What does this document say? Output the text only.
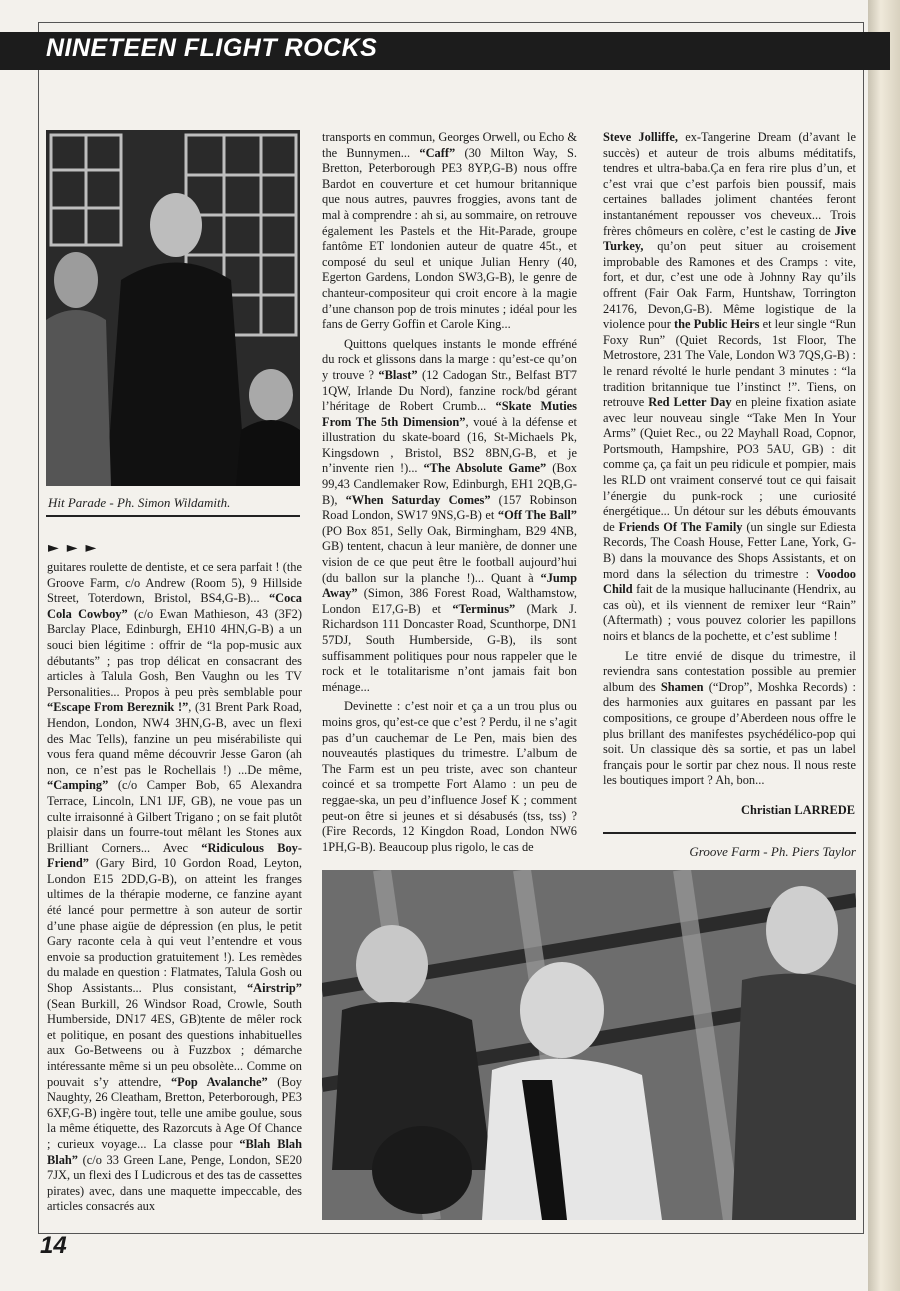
NINETEEN FLIGHT ROCKS
Hit Parade - Ph. Simon Wildamith.
►►►

guitares roulette de dentiste, et ce sera parfait ! (the Groove Farm, c/o Andrew (Room 5), 9 Hillside Street, Toterdown, Bristol, BS4,G-B)... “Coca Cola Cowboy” (c/o Ewan Mathieson, 43 (3F2) Barclay Place, Edinburgh, EH10 4HN,G-B) a un souci bien légitime : offrir de “la pop-music aux débutants” ; pas trop délicat en consacrant des articles à Talula Gosh, Ben Vaughn ou les TV Personalities... Propos à peu près semblable pour “Escape From Bereznik !”, (31 Brent Park Road, Hendon, London, NW4 3HN,G-B, avec un flexi des Mac Tells), fanzine un peu misérabiliste qui vous fera quand même découvrir Jesse Garon (ah non, ce n’est pas le Rochellais !) ...De même, “Camping” (c/o Camper Bob, 65 Alexandra Terrace, Lincoln, LN1 IJF, GB), ne voue pas un culte irraisonné à Gilbert Trigano ; on se fait plutôt plaisir dans un fourre-tout mêlant les Stones aux Brilliant Corners... Avec “Ridiculous Boy-Friend” (Gary Bird, 10 Gordon Road, Leyton, London E15 2DD,G-B), on atteint les franges ultimes de la thérapie moderne, ce fanzine ayant été lancé pour permettre à son auteur de sortir d’une phase aigüe de dépression (en plus, le petit Gary raconte cela à qui veut l’entendre et vous envoie sa production gratuitement !). Les remèdes du malade en question : Flatmates, Talula Gosh ou Shop Assistants... Plus consistant, “Airstrip” (Sean Burkill, 26 Windsor Road, Crowle, South Humberside, DN17 4ES, GB)tente de mêler rock et politique, en posant des questions inhabituelles aux Go-Betweens ou à Fuzzbox ; démarche intéressante même si un peu obsolète... Comme on pouvait s’y attendre, “Pop Avalanche” (Boy Naughty, 26 Cleatham, Bretton, Peterborough, PE3 6XF,G-B) ingère tout, telle une amibe goulue, sous la même étiquette, des Razorcuts à Age Of Chance ; curieux voyage... La classe pour “Blah Blah Blah” (c/o 33 Green Lane, Penge, London, SE20 7JX, un flexi des I Ludicrous et des tas de cassettes pirates) avec, dans une maquette impeccable, des articles consacrés aux

transports en commun, Georges Orwell, ou Echo & the Bunnymen... “Caff” (30 Milton Way, S. Bretton, Peterborough PE3 8YP,G-B) nous offre Bardot en couverture et cet humour britannique que nous autres, pauvres froggies, avons tant de mal à comprendre : ah si, au sommaire, on retrouve également les Pastels et the Hit-Parade, groupe fantôme ET londonien auteur de quatre 45t., et composé du seul et unique Julian Henry (40, Egerton Gardens, London SW3,G-B), le genre de chanteur-compositeur qui croit encore à la magie d’une chanson pop de trois minutes ; idéal pour les fans de Gerry Goffin et Carole King...

Quittons quelques instants le monde effréné du rock et glissons dans la marge : qu’est-ce qu’on y trouve ? “Blast” (12 Cadogan Str., Belfast BT7 1QW, Irlande Du Nord), fanzine rock/bd gérant l’héritage de Robert Crumb... “Skate Muties From The 5th Dimension”, voué à la défense et illustration du skate-board (16, St-Michaels Pk, Kingsdown , Bristol, BS2 8BN,G-B, et je n’invente rien !)... “The Absolute Game” (Box 99,43 Candlemaker Row, Edinburgh, EH1 2QB,G-B), “When Saturday Comes” (157 Robinson Road London, SW17 9NS,G-B) et “Off The Ball” (PO Box 851, Selly Oak, Birmingham, B29 4NB, GB) tentent, chacun à leur manière, de donner une vision de ce que peut être le football aujourd’hui (du ballon sur la planche !)... Quant à “Jump Away” (Simon, 386 Forest Road, Walthamstow, London E17,G-B) et “Terminus” (Mark J. Richardson 111 Doncaster Road, Scunthorpe, DN1 57DJ, South Humberside, G-B), ils sont suffisamment politiques pour nous rappeler que le rock et le totalitarisme n’ont jamais fait bon ménage...

Devinette : c’est noir et ça a un trou plus ou moins gros, qu’est-ce que c’est ? Perdu, il ne s’agit pas d’un cauchemar de Le Pen, mais bien des nouveautés plastiques du trimestre. L’album de The Farm est un peu triste, avec son chanteur coincé et sa trompette Fort Alamo : un peu de reggae-ska, un peu d’influence Josef K ; comment peut-on être si jeunes et si désabusés (tss, tss) ? (Fire Records, 12 Kingdon Road, London NW6 1PH,G-B). Beaucoup plus rigolo, le cas de

Steve Jolliffe, ex-Tangerine Dream (d’avant le succès) et auteur de trois albums méditatifs, tendres et ultra-baba.Ça en fera rire plus d’un, et c’est vrai que c’est parfois bien poussif, mais certaines ballades joliment chantées feront instantanément repousser vos cheveux... Trois frères chômeurs en colère, c’est le casting de Jive Turkey, qu’on peut situer au croisement improbable des Ramones et des Cramps : vite, fort, et dur, c’est une ode à Johnny Ray qu’ils offrent (Fair Oak Farm, Huntshaw, Torrington 24176, Devon,G-B). Même logistique de la violence pour the Public Heirs et leur single “Run Foxy Run” (Quiet Records, 1st Floor, The Metrostore, 231 The Vale, London W3 7QS,G-B) : le renard révolté le hurle pendant 3 minutes : “la tradition britannique tue l’instinct !”. Tiens, on retrouve Red Letter Day en pleine fixation asiate avec leur nouveau single “Take Men In Your Arms” (Quiet Rec., ou 22 Mayhall Road, Copnor, Portsmouth, Hampshire, PO3 5AU, GB) : dit comme ça, ça fait un peu ridicule et pompier, mais les RLD ont vraiment conservé tout ce qui faisait l’énergie du punk-rock ; une curiosité énergétique... Un détour sur les débuts émouvants de Friends Of The Family (un single sur Ediesta Records, The Coash House, Fetter Lane, York, G-B) dans la mouvance des Shops Assistants, et on mord dans la sélection du trimestre : Voodoo Child fait de la musique hallucinante (Hendrix, au cas où), et ils viennent de remixer leur “Rain” (Aftermath) ; vous pouvez colorier les papillons noirs et blancs de la pochette, et c’est sublime !

Le titre envié de disque du trimestre, il reviendra sans contestation possible au premier album des Shamen (“Drop”, Moshka Records) : des harmonies aux guitares en passant par les compositions, ce groupe d’Aberdeen nous offre le plus brillant des manifestes psychédélico-pop qui soit. Un classique dès sa sortie, et pas un label français pour le sortir par chez nous. Il nous reste les boutiques import ? Ah, bon...

Christian LARREDE
Groove Farm - Ph. Piers Taylor
14
